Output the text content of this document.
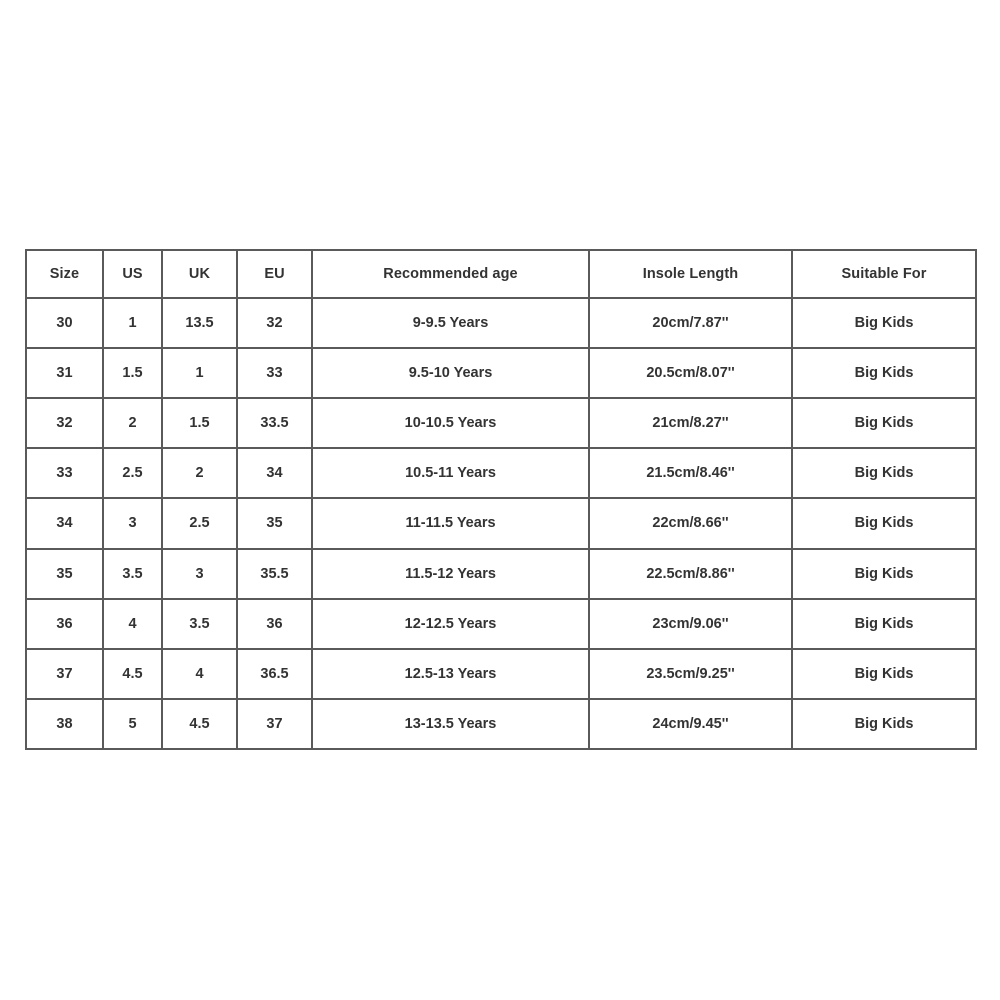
Size	US	UK	EU	Recommended age	Insole Length	Suitable For
30	1	13.5	32	9-9.5 Years	20cm/7.87''	Big Kids
31	1.5	1	33	9.5-10 Years	20.5cm/8.07''	Big Kids
32	2	1.5	33.5	10-10.5 Years	21cm/8.27''	Big Kids
33	2.5	2	34	10.5-11 Years	21.5cm/8.46''	Big Kids
34	3	2.5	35	11-11.5 Years	22cm/8.66''	Big Kids
35	3.5	3	35.5	11.5-12 Years	22.5cm/8.86''	Big Kids
36	4	3.5	36	12-12.5 Years	23cm/9.06''	Big Kids
37	4.5	4	36.5	12.5-13 Years	23.5cm/9.25''	Big Kids
38	5	4.5	37	13-13.5 Years	24cm/9.45''	Big Kids
